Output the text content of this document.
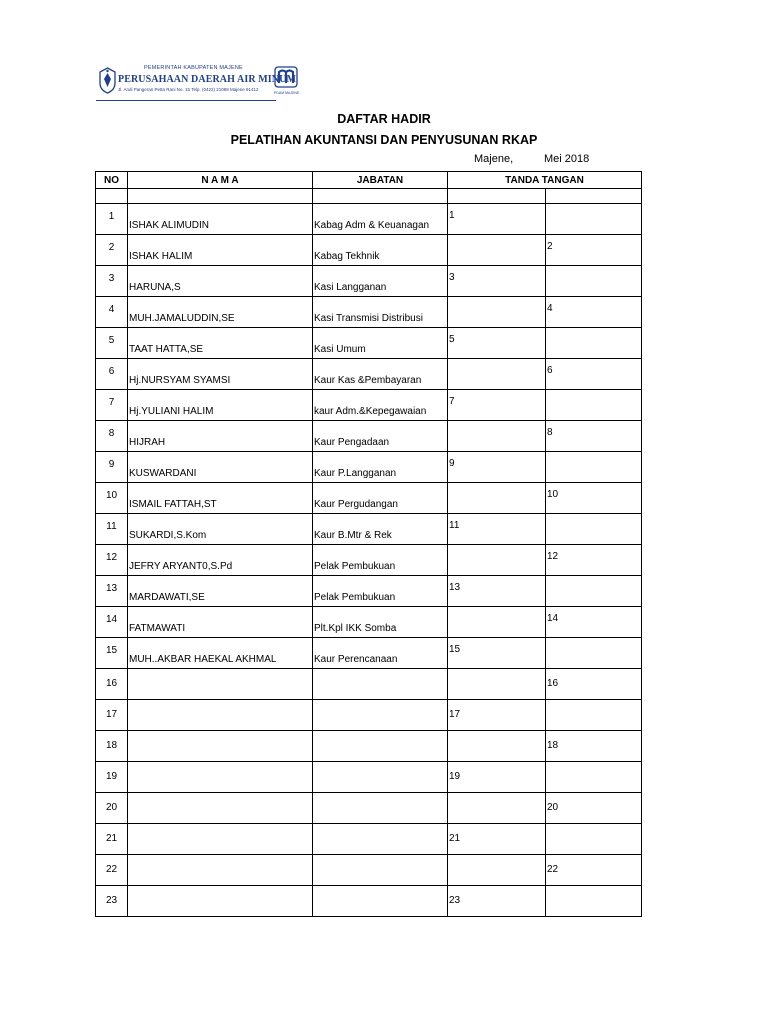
PEMERINTAH KABUPATEN MAJENE
PERUSAHAAN DAERAH AIR MINUM
Jl. Andi Pangeran Petta Rani No. 15 Telp. (0422) 21089 Majene 91412
PDAM MAJENE
DAFTAR HADIR
PELATIHAN AKUNTANSI DAN PENYUSUNAN RKAP
Majene,	Mei 2018
NO	N A M A	JABATAN	TANDA TANGAN	

1	ISHAK ALIMUDIN	Kabag Adm & Keuanagan	1	

2	ISHAK HALIM	Kabag Tekhnik		2

3	HARUNA,S	Kasi Langganan	3	

4	MUH.JAMALUDDIN,SE	Kasi Transmisi Distribusi		4

5	TAAT HATTA,SE	Kasi Umum	5	

6	Hj.NURSYAM SYAMSI	Kaur Kas &Pembayaran		6

7	Hj.YULIANI HALIM	kaur Adm.&Kepegawaian	7	

8	HIJRAH	Kaur Pengadaan		8

9	KUSWARDANI	Kaur P.Langganan	9	

10	ISMAIL FATTAH,ST	Kaur Pergudangan		10

11	SUKARDI,S.Kom	Kaur B.Mtr & Rek	11	

12	JEFRY ARYANT0,S.Pd	Pelak Pembukuan		12

13	MARDAWATI,SE	Pelak Pembukuan	13	

14	FATMAWATI	Plt.Kpl IKK Somba		14

15	MUH..AKBAR HAEKAL AKHMAL	Kaur Perencanaan	15	

16				16

17			17	

18				18

19			19	

20				20

21			21	

22				22

23			23	
